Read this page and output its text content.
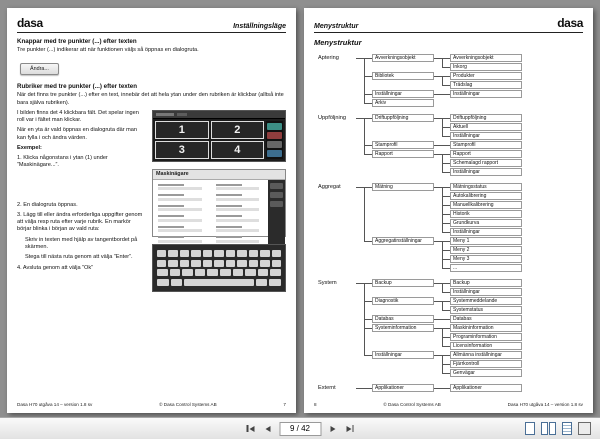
dasa	Inställningsläge
Knappar med tre punkter (...) efter texten

Tre punkter (...) indikerar att när funktionen väljs så öppnas en dialogruta.

Ändra...
Rubriker med tre punkter (...) efter texten

När det finns tre punkter (...) efter en text, innebär det att hela ytan under den rubriken är klickbar (alltså inte bara själva rubriken).

I bilden finns det 4 klickbara fält. Det spelar ingen roll var i fältet man klickar.

När en yta är vald öppnas en dialogruta där man kan fylla i och ändra värden.

Exempel:

1. Klicka någonstans i ytan (1) under ”Maskinägare...”.

2. En dialogruta öppnas.

3. Lägg till eller ändra erforderliga uppgifter genom att välja resp ruta efter varje rubrik. En markör börjar blinka i början av vald ruta:

Skriv in texten med hjälp av tangentbordet på skärmen.

Stega till nästa ruta genom att välja ”Enter”.

4. Avsluta genom att välja ”Ok”

1	2
3	4
Maskinägare
Dasa H70 utgåva 14 – version 1.8 sv	© Dasa Control Systems AB	7
Menystruktur	dasa
Menystruktur
Aptering	Avverkningsobjekt	Avverkningsobjekt
Inkorg
Bibliotek	Produkter
Trädslag
Inställningar	Inställningar
Arkiv
Uppföljning	Driftuppföljning	Driftuppföljning
Aktuell
Inställningar
Stamprofil	Stamprofil
Rapport	Rapport
Schemalagd rapport
Inställningar
Aggregat	Mätning	Mätningsstatus
Autokalibrering
Manuellkalibrering
Historik
Grundkurva
Inställningar
Aggregatinställningar	Meny 1
Meny 2
Meny 3
...
System	Backup	Backup
Inställningar
Diagnostik	Systemmeddelande
Systemstatus
Databas	Databas
Systeminformation	Maskininformation
Programinformation
Licensinformation
Inställningar	Allmänna inställningar
Fjärrkontroll
Genvägar
Externt	Applikationer	Applikationer
8	© Dasa Control Systems AB	Dasa H70 utgåva 14 – version 1.8 sv
9 / 42
